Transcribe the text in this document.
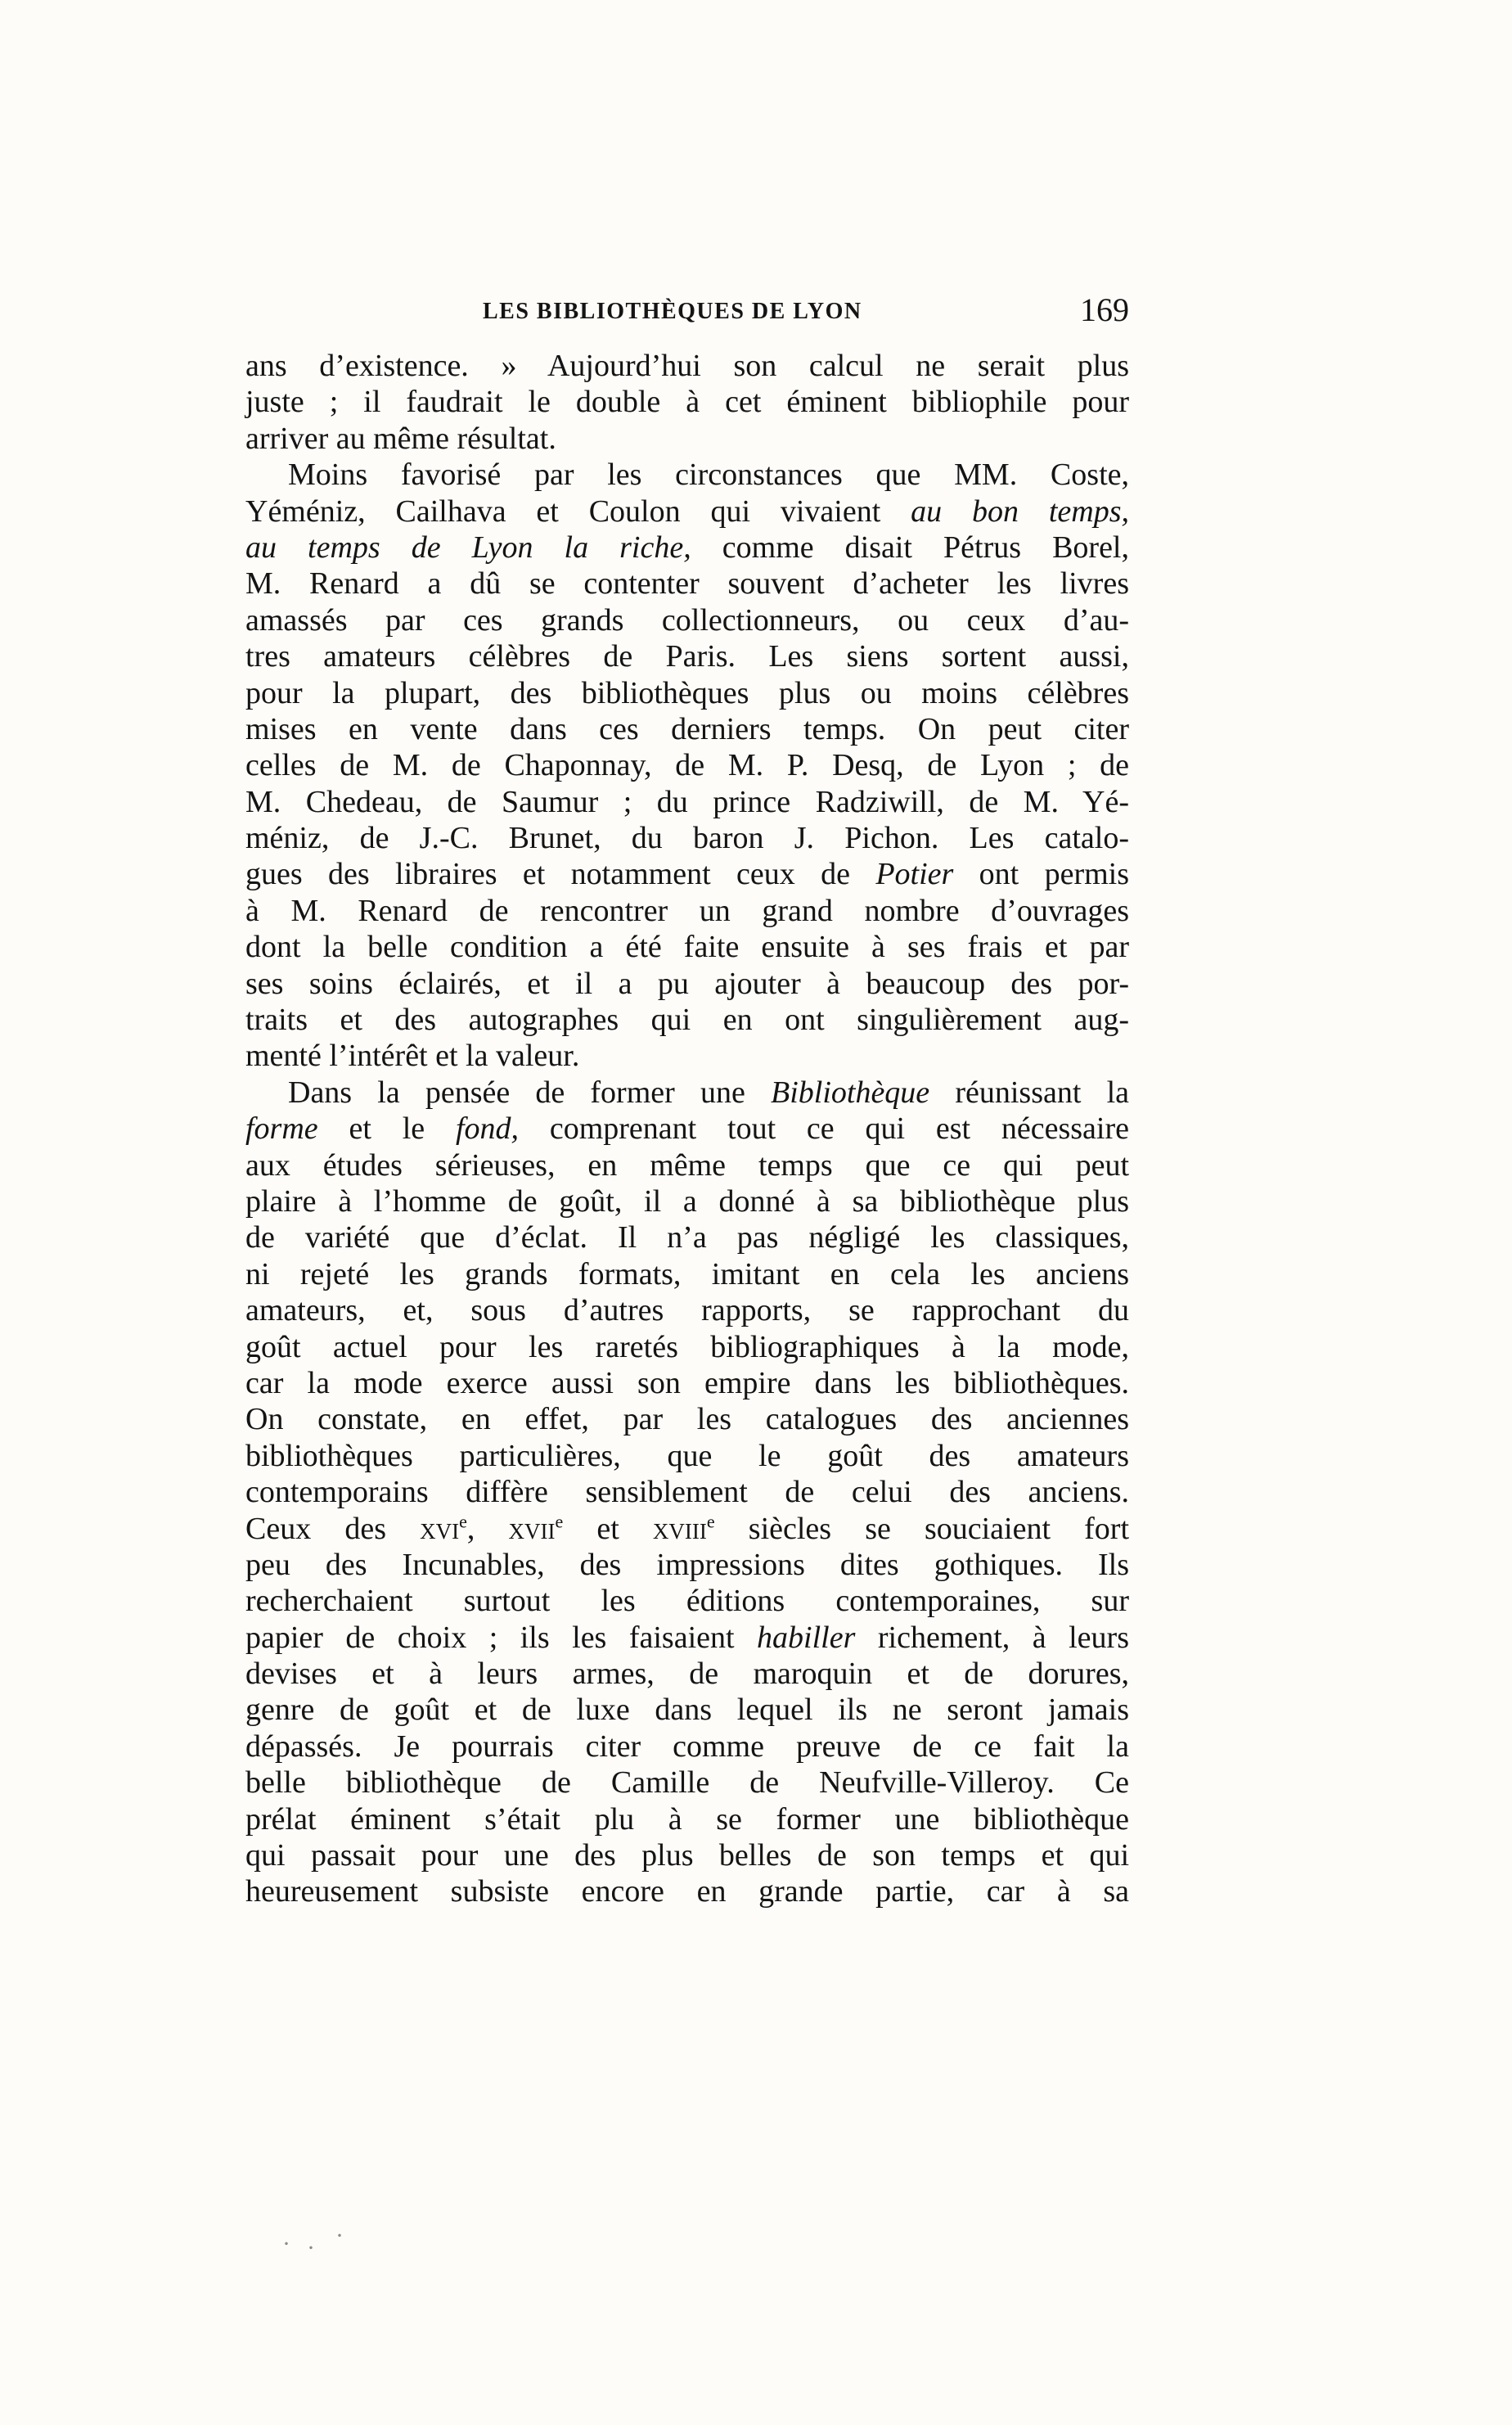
LES BIBLIOTHÈQUES DE LYON	169
ans d’existence. » Aujourd’hui son calcul ne serait plus
juste ; il faudrait le double à cet éminent bibliophile pour
arriver au même résultat.
Moins favorisé par les circonstances que MM. Coste,
Yéméniz, Cailhava et Coulon qui vivaient au bon temps,
au temps de Lyon la riche, comme disait Pétrus Borel,
M. Renard a dû se contenter souvent d’acheter les livres
amassés par ces grands collectionneurs, ou ceux d’au-
tres amateurs célèbres de Paris. Les siens sortent aussi,
pour la plupart, des bibliothèques plus ou moins célèbres
mises en vente dans ces derniers temps. On peut citer
celles de M. de Chaponnay, de M. P. Desq, de Lyon ; de
M. Chedeau, de Saumur ; du prince Radziwill, de M. Yé-
méniz, de J.-C. Brunet, du baron J. Pichon. Les catalo-
gues des libraires et notamment ceux de Potier ont permis
à M. Renard de rencontrer un grand nombre d’ouvrages
dont la belle condition a été faite ensuite à ses frais et par
ses soins éclairés, et il a pu ajouter à beaucoup des por-
traits et des autographes qui en ont singulièrement aug-
menté l’intérêt et la valeur.
Dans la pensée de former une Bibliothèque réunissant la
forme et le fond, comprenant tout ce qui est nécessaire
aux études sérieuses, en même temps que ce qui peut
plaire à l’homme de goût, il a donné à sa bibliothèque plus
de variété que d’éclat. Il n’a pas négligé les classiques,
ni rejeté les grands formats, imitant en cela les anciens
amateurs, et, sous d’autres rapports, se rapprochant du
goût actuel pour les raretés bibliographiques à la mode,
car la mode exerce aussi son empire dans les bibliothèques.
On constate, en effet, par les catalogues des anciennes
bibliothèques particulières, que le goût des amateurs
contemporains diffère sensiblement de celui des anciens.
Ceux des xvi$^e$, xvii$^e$ et xviii$^e$ siècles se souciaient fort
peu des Incunables, des impressions dites gothiques. Ils
recherchaient surtout les éditions contemporaines, sur
papier de choix ; ils les faisaient habiller richement, à leurs
devises et à leurs armes, de maroquin et de dorures,
genre de goût et de luxe dans lequel ils ne seront jamais
dépassés. Je pourrais citer comme preuve de ce fait la
belle bibliothèque de Camille de Neufville-Villeroy. Ce
prélat éminent s’était plu à se former une bibliothèque
qui passait pour une des plus belles de son temps et qui
heureusement subsiste encore en grande partie, car à sa
· · ·
